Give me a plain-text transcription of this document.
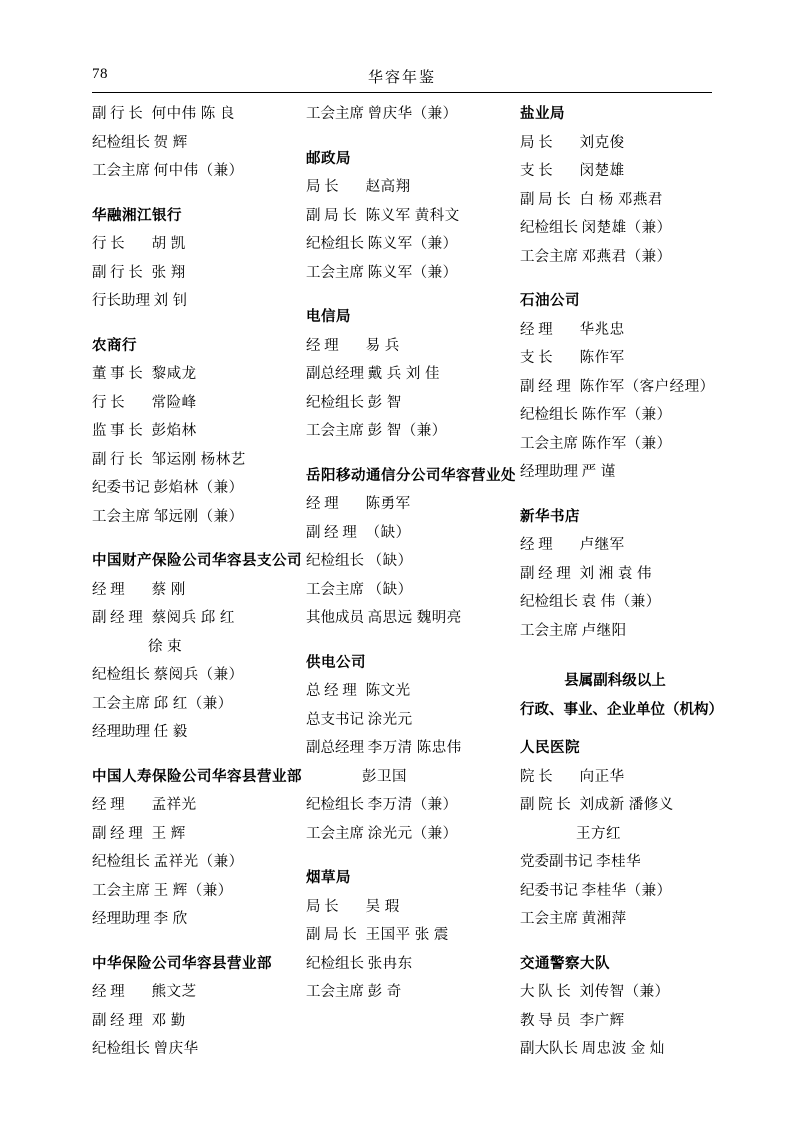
78	华容年鉴
副 行 长 何中伟 陈 良
纪检组长 贺 辉
工会主席 何中伟（兼）
华融湘江银行
行 长 胡 凯
副 行 长 张 翔
行长助理 刘 钊
农商行
董 事 长 黎咸龙
行 长 常险峰
监 事 长 彭焰林
副 行 长 邹运刚 杨林艺
纪委书记 彭焰林（兼）
工会主席 邹远刚（兼）
中国财产保险公司华容县支公司
经 理 蔡 刚
副 经 理 蔡阅兵 邱 红
徐 束
纪检组长 蔡阅兵（兼）
工会主席 邱 红（兼）
经理助理 任 毅
中国人寿保险公司华容县营业部
经 理 孟祥光
副 经 理 王 辉
纪检组长 孟祥光（兼）
工会主席 王 辉（兼）
经理助理 李 欣
中华保险公司华容县营业部
经 理 熊文芝
副 经 理 邓 勤
纪检组长 曾庆华
工会主席 曾庆华（兼）
邮政局
局 长 赵高翔
副 局 长 陈义军 黄科文
纪检组长 陈义军（兼）
工会主席 陈义军（兼）
电信局
经 理 易 兵
副总经理 戴 兵 刘 佳
纪检组长 彭 智
工会主席 彭 智（兼）
岳阳移动通信分公司华容营业处
经 理 陈勇军
副 经 理 （缺）
纪检组长 （缺）
工会主席 （缺）
其他成员 高思远 魏明亮
供电公司
总 经 理 陈文光
总支书记 涂光元
副总经理 李万清 陈忠伟
彭卫国
纪检组长 李万清（兼）
工会主席 涂光元（兼）
烟草局
局 长 吴 瑕
副 局 长 王国平 张 震
纪检组长 张冉东
工会主席 彭 奇
盐业局
局 长 刘克俊
支 长 闵楚雄
副 局 长 白 杨 邓燕君
纪检组长 闵楚雄（兼）
工会主席 邓燕君（兼）
石油公司
经 理 华兆忠
支 长 陈作军
副 经 理 陈作军（客户经理）
纪检组长 陈作军（兼）
工会主席 陈作军（兼）
经理助理 严 谨
新华书店
经 理 卢继军
副 经 理 刘 湘 袁 伟
纪检组长 袁 伟（兼）
工会主席 卢继阳
县属副科级以上
行政、事业、企业单位（机构）
人民医院
院 长 向正华
副 院 长 刘成新 潘修义
王方红
党委副书记 李桂华
纪委书记 李桂华（兼）
工会主席 黄湘萍
交通警察大队
大 队 长 刘传智（兼）
教 导 员 李广辉
副大队长 周忠波 金 灿
